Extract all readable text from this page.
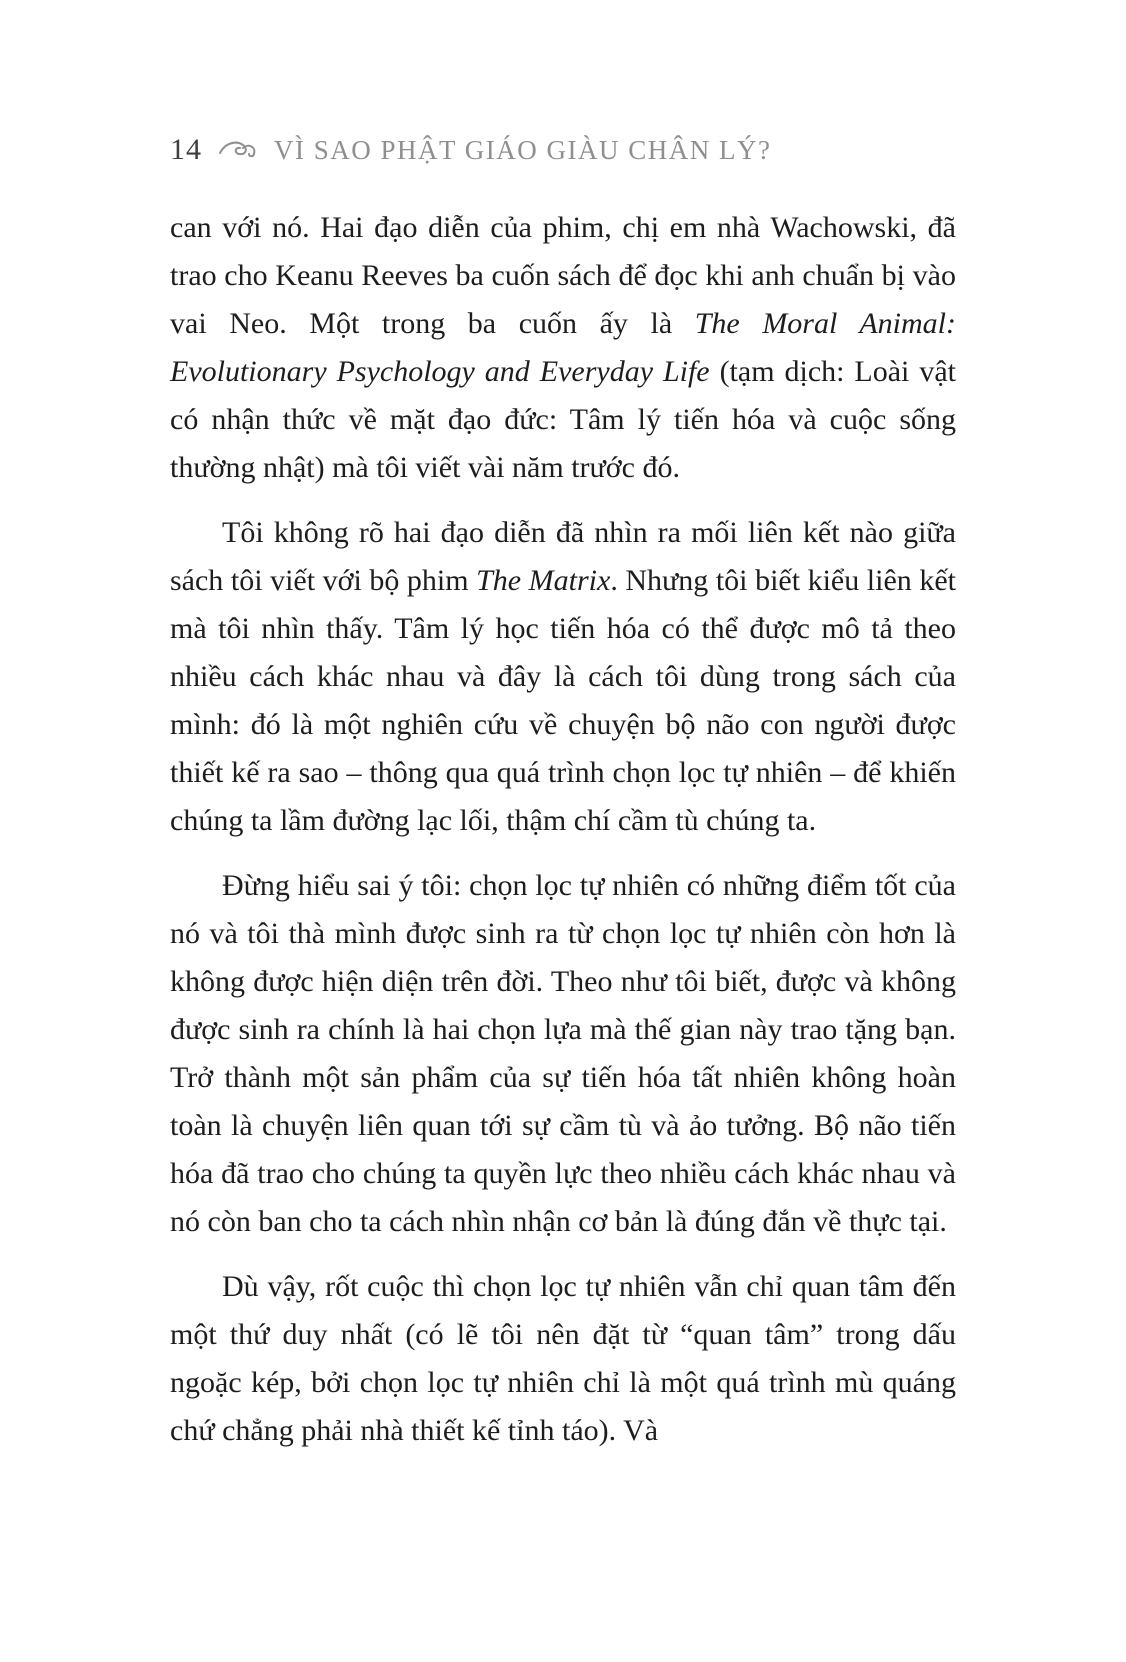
14	VÌ SAO PHẬT GIÁO GIÀU CHÂN LÝ?

can với nó. Hai đạo diễn của phim, chị em nhà Wachowski, đã trao cho Keanu Reeves ba cuốn sách để đọc khi anh chuẩn bị vào vai Neo. Một trong ba cuốn ấy là The Moral Animal: Evolutionary Psychology and Everyday Life (tạm dịch: Loài vật có nhận thức về mặt đạo đức: Tâm lý tiến hóa và cuộc sống thường nhật) mà tôi viết vài năm trước đó.

Tôi không rõ hai đạo diễn đã nhìn ra mối liên kết nào giữa sách tôi viết với bộ phim The Matrix. Nhưng tôi biết kiểu liên kết mà tôi nhìn thấy. Tâm lý học tiến hóa có thể được mô tả theo nhiều cách khác nhau và đây là cách tôi dùng trong sách của mình: đó là một nghiên cứu về chuyện bộ não con người được thiết kế ra sao – thông qua quá trình chọn lọc tự nhiên – để khiến chúng ta lầm đường lạc lối, thậm chí cầm tù chúng ta.

Đừng hiểu sai ý tôi: chọn lọc tự nhiên có những điểm tốt của nó và tôi thà mình được sinh ra từ chọn lọc tự nhiên còn hơn là không được hiện diện trên đời. Theo như tôi biết, được và không được sinh ra chính là hai chọn lựa mà thế gian này trao tặng bạn. Trở thành một sản phẩm của sự tiến hóa tất nhiên không hoàn toàn là chuyện liên quan tới sự cầm tù và ảo tưởng. Bộ não tiến hóa đã trao cho chúng ta quyền lực theo nhiều cách khác nhau và nó còn ban cho ta cách nhìn nhận cơ bản là đúng đắn về thực tại.

Dù vậy, rốt cuộc thì chọn lọc tự nhiên vẫn chỉ quan tâm đến một thứ duy nhất (có lẽ tôi nên đặt từ “quan tâm” trong dấu ngoặc kép, bởi chọn lọc tự nhiên chỉ là một quá trình mù quáng chứ chẳng phải nhà thiết kế tỉnh táo). Và
